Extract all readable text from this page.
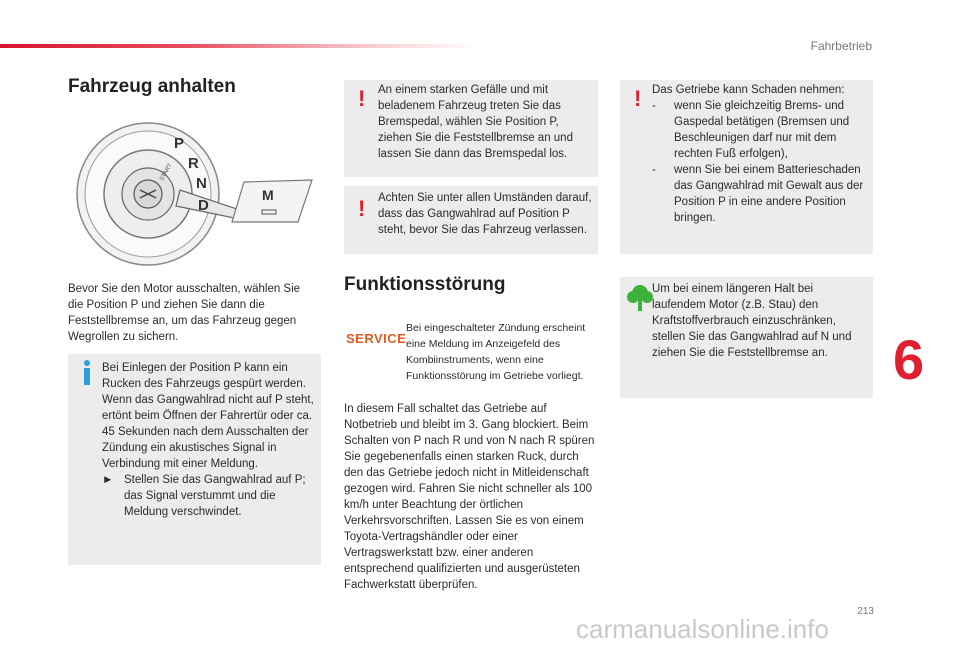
Fahrbetrieb
213
6
carmanualsonline.info
Fahrzeug anhalten
P
R
N
D
START
M
Bevor Sie den Motor ausschalten, wählen Sie die Position P und ziehen Sie dann die Feststellbremse an, um das Fahrzeug gegen Wegrollen zu sichern.
Bei Einlegen der Position P kann ein Rucken des Fahrzeugs gespürt werden. Wenn das Gangwahlrad nicht auf P steht, ertönt beim Öffnen der Fahrertür oder ca. 45 Sekunden nach dem Ausschalten der Zündung ein akustisches Signal in Verbindung mit einer Meldung.
► Stellen Sie das Gangwahlrad auf P; das Signal verstummt und die Meldung verschwindet.
! An einem starken Gefälle und mit beladenem Fahrzeug treten Sie das Bremspedal, wählen Sie Position P, ziehen Sie die Feststellbremse an und lassen Sie dann das Bremspedal los.
! Achten Sie unter allen Umständen darauf, dass das Gangwahlrad auf Position P steht, bevor Sie das Fahrzeug verlassen.
Funktionsstörung
SERVICE
Bei eingeschalteter Zündung erscheint eine Meldung im Anzeigefeld des Kombiinstruments, wenn eine Funktionsstörung im Getriebe vorliegt.
In diesem Fall schaltet das Getriebe auf Notbetrieb und bleibt im 3. Gang blockiert. Beim Schalten von P nach R und von N nach R spüren Sie gegebenenfalls einen starken Ruck, durch den das Getriebe jedoch nicht in Mitleidenschaft gezogen wird. Fahren Sie nicht schneller als 100 km/h unter Beachtung der örtlichen Verkehrsvorschriften. Lassen Sie es von einem Toyota-Vertragshändler oder einer Vertragswerkstatt bzw. einer anderen entsprechend qualifizierten und ausgerüsteten Fachwerkstatt überprüfen.
! Das Getriebe kann Schaden nehmen:
-	wenn Sie gleichzeitig Brems- und Gaspedal betätigen (Bremsen und Beschleunigen darf nur mit dem rechten Fuß erfolgen),
-	wenn Sie bei einem Batterieschaden das Gangwahlrad mit Gewalt aus der Position P in eine andere Position bringen.
Um bei einem längeren Halt bei laufendem Motor (z.B. Stau) den Kraftstoffverbrauch einzuschränken, stellen Sie das Gangwahlrad auf N und ziehen Sie die Feststellbremse an.
